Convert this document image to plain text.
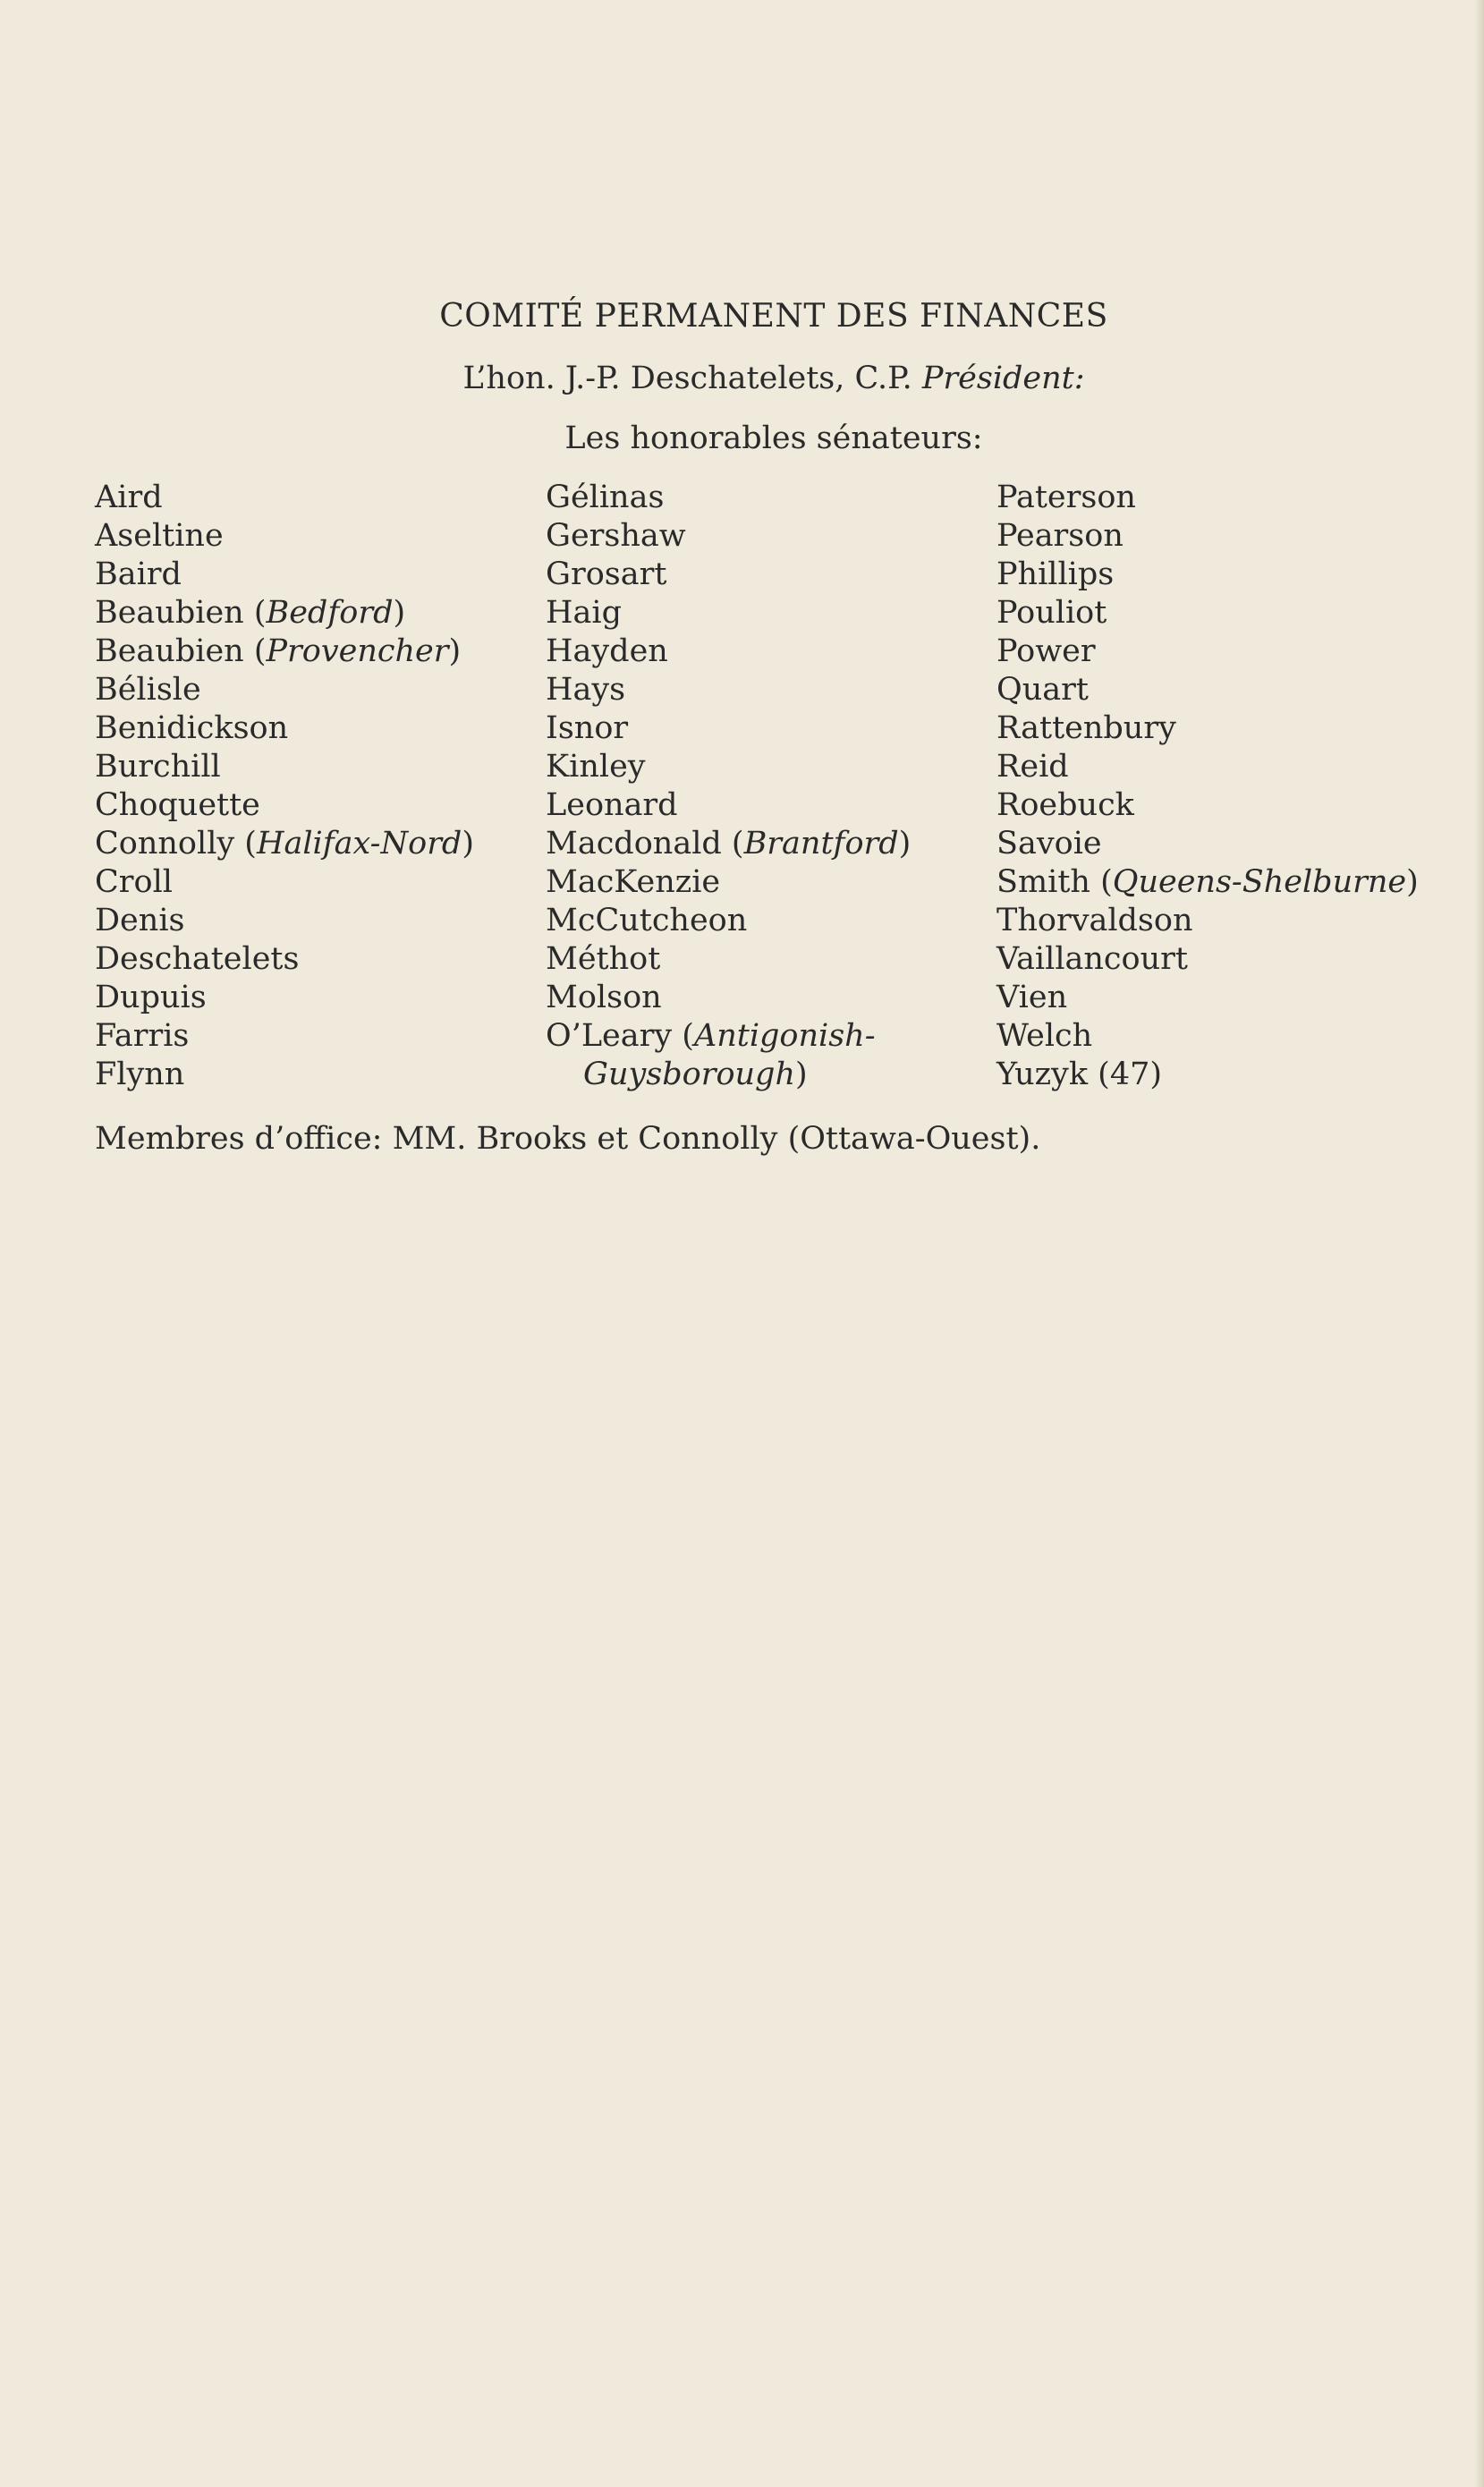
COMITÉ PERMANENT DES FINANCES
L’hon. J.-P. Deschatelets, C.P. Président:
Les honorables sénateurs:
Aird
Aseltine
Baird
Beaubien (Bedford)
Beaubien (Provencher)
Bélisle
Benidickson
Burchill
Choquette
Connolly (Halifax-Nord)
Croll
Denis
Deschatelets
Dupuis
Farris
Flynn
Gélinas
Gershaw
Grosart
Haig
Hayden
Hays
Isnor
Kinley
Leonard
Macdonald (Brantford)
MacKenzie
McCutcheon
Méthot
Molson
O’Leary (Antigonish-
Guysborough)
Paterson
Pearson
Phillips
Pouliot
Power
Quart
Rattenbury
Reid
Roebuck
Savoie
Smith (Queens-Shelburne)
Thorvaldson
Vaillancourt
Vien
Welch
Yuzyk (47)
Membres d’office: MM. Brooks et Connolly (Ottawa-Ouest).
